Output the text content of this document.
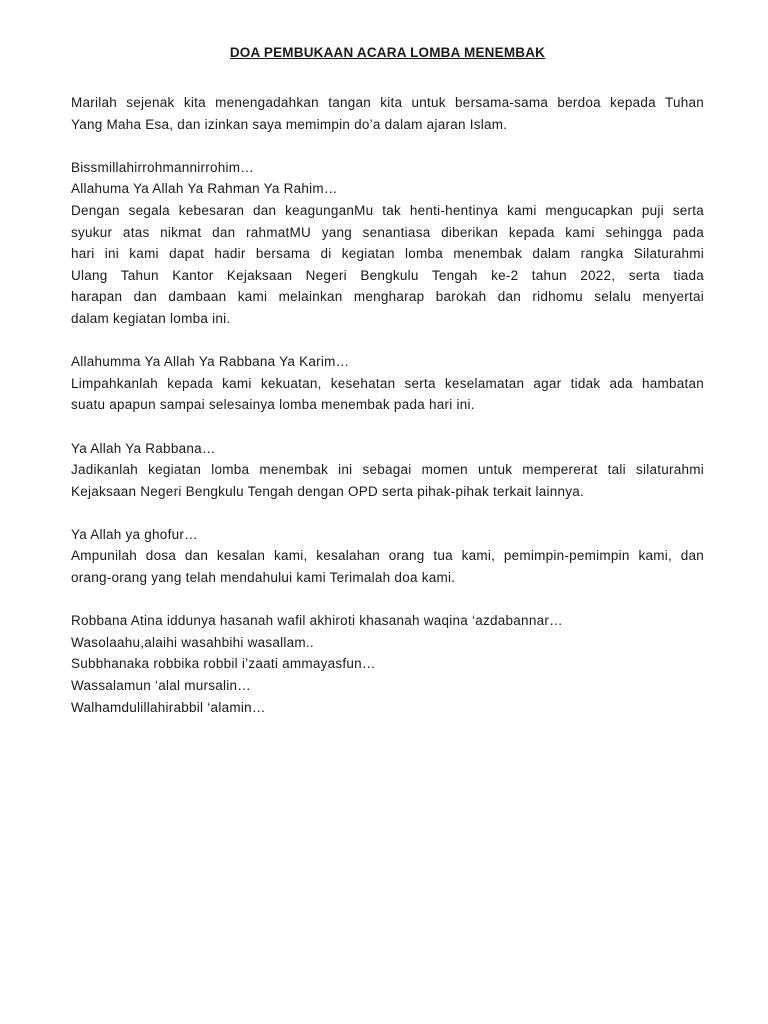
DOA PEMBUKAAN ACARA LOMBA MENEMBAK
Marilah sejenak kita menengadahkan tangan kita untuk bersama-sama berdoa kepada Tuhan
Yang Maha Esa, dan izinkan saya memimpin do’a dalam ajaran Islam.
Bissmillahirrohmannirrohim…
Allahuma Ya Allah Ya Rahman Ya Rahim…
Dengan segala kebesaran dan keagunganMu tak henti-hentinya kami mengucapkan puji serta
syukur atas nikmat dan rahmatMU yang senantiasa diberikan kepada kami sehingga pada
hari ini kami dapat hadir bersama di kegiatan lomba menembak dalam rangka Silaturahmi
Ulang Tahun Kantor Kejaksaan Negeri Bengkulu Tengah ke-2 tahun 2022, serta tiada
harapan dan dambaan kami melainkan mengharap barokah dan ridhomu selalu menyertai
dalam kegiatan lomba ini.
Allahumma Ya Allah Ya Rabbana Ya Karim…
Limpahkanlah kepada kami kekuatan, kesehatan serta keselamatan agar tidak ada hambatan
suatu apapun sampai selesainya lomba menembak pada hari ini.
Ya Allah Ya Rabbana…
Jadikanlah kegiatan lomba menembak ini sebagai momen untuk mempererat tali silaturahmi
Kejaksaan Negeri Bengkulu Tengah dengan OPD serta pihak-pihak terkait lainnya.
Ya Allah ya ghofur…
Ampunilah dosa dan kesalan kami, kesalahan orang tua kami, pemimpin-pemimpin kami, dan
orang-orang yang telah mendahului kami Terimalah doa kami.
Robbana Atina iddunya hasanah wafil akhiroti khasanah waqina ‘azdabannar…
Wasolaahu,alaihi wasahbihi wasallam..
Subbhanaka robbika robbil i’zaati ammayasfun…
Wassalamun ‘alal mursalin…
Walhamdulillahirabbil ‘alamin…
